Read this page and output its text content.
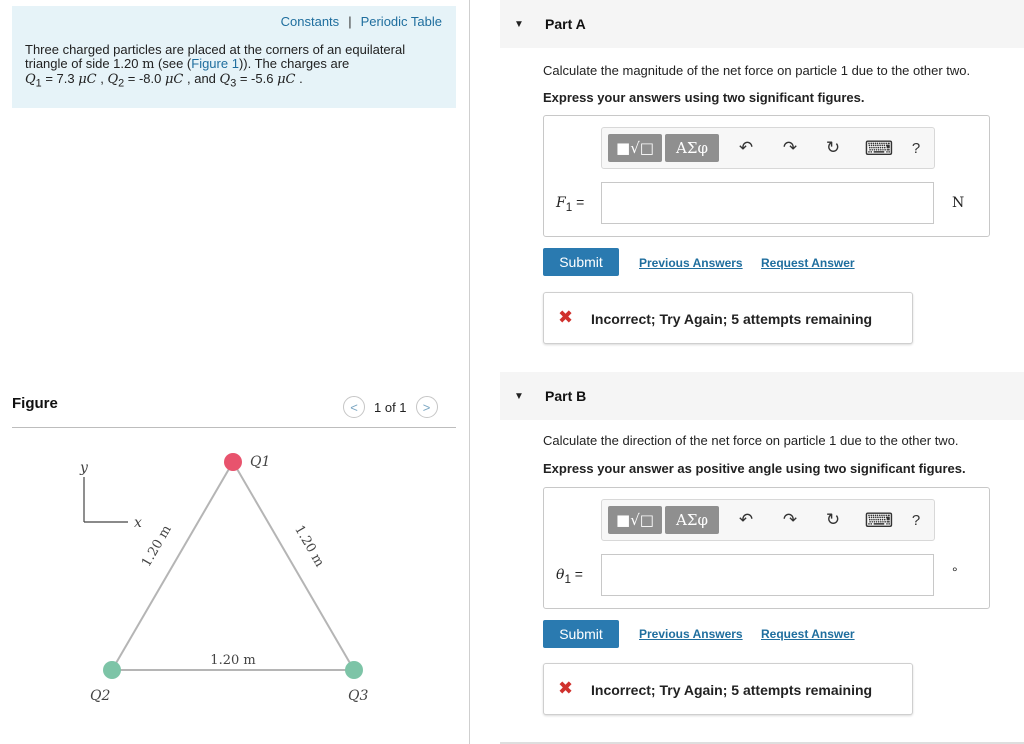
Constants | Periodic Table
Three charged particles are placed at the corners of an equilateral
triangle of side 1.20 m (see (Figure 1)). The charges are
$Q_1 = 7.3$ μC , $Q_2 = -8.0$ μC , and $Q_3 = -5.6$ μC .
Figure	<	1 of 1	>
y
x
1.20 m	1.20 m
1.20 m
Q1
Q2	Q3
▼ Part A
Calculate the magnitude of the net force on particle 1 due to the other two.
Express your answers using two significant figures.
■√□	ΑΣφ	↶ ↷ ↻ ⌨	?
$F_1$ =	N
Submit	Previous Answers Request Answer
✖ Incorrect; Try Again; 5 attempts remaining
▼ Part B
Calculate the direction of the net force on particle 1 due to the other two.
Express your answer as positive angle using two significant figures.
■√□	ΑΣφ	↶ ↷ ↻ ⌨	?
$\theta_1$ =	°
Submit	Previous Answers Request Answer
✖ Incorrect; Try Again; 5 attempts remaining
